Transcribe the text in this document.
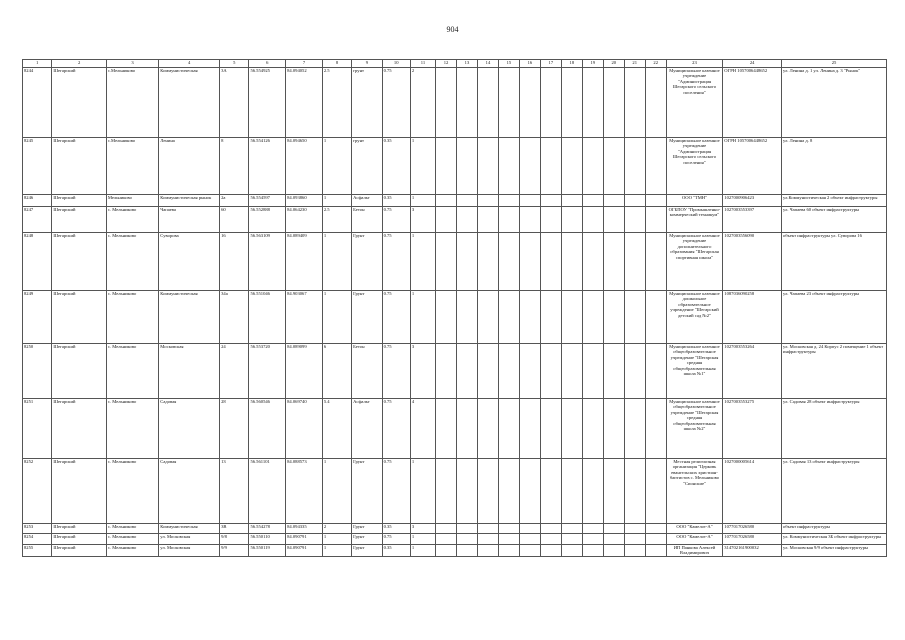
904
1	2	3	4	5	6	7	8	9	10	11	12	13	14	15	16	17	18	19	20	21	22	23	24	25
8244	Шегарский	с.Мельниково	Коммунистическая	3А	56.554925	84.094052	2.5	грунт	0.75	2												Муниципальное казенное учреждение "Администрация Шегарского сельского поселения"	ОГРН 1057006448652	ул. Ленина д. 1 ул. Ленина д. 3 "Рынок"
8245	Шегарский	с.Мельниково	Ленина	8	56.554126	84.094650	1	грунт	0.35	1												Муниципальное казенное учреждение "Администрация Шегарского сельского поселения"	ОГРН 1057006448652	ул. Ленина д. 8
8246	Шегарский	Мельниково	Коммунистическая рынок	2а	56.554597	84.093860	1	Асфальт	0.35	1												ООО "ТМН"	1027000906423	ул.Коммунистическая 2 объект инфраструктуры
8247	Шегарский	с. Мельниково	Чапаева	60	56.552888	84.064230	2.5	Бетон	0.75	3												ОГБПОУ "Промышленно-коммерческий техникум"	1027003553397	ул. Чапаева 60 объект инфраструктуры
8248	Шегарский	с. Мельниково	Суворова	16	56.563109	84.089409	1	Грунт	0.75	1												Муниципальное казенное учреждение дополнительного образования "Шегарская спортивная школа"	1027003556090	объект инфраструктуры ул. Суворова 16
8249	Шегарский	с. Мельниково	Коммунистическая	34а	56.551046	84.903067	1	Грунт	0.75	1												Муниципальное казенное дошкольное образовательное учреждение "Шегарский детский сад №2"	1087036090258	ул. Чапаева 23 объект инфраструктуры
8250	Шегарский	с. Мельниково	Московская	24	56.553720	84.089099	6	Бетон	0.75	3												Муниципальное казенное общеобразовательное учреждение "Шегарская средняя общеобразовательная школа №1"	1027003553264	ул. Московская д. 24 Корпус 2 помещение 1 объект инфраструктуры
8251	Шегарский	с. Мельниково	Садовая	28	56.560546	84.069740	5.4	Асфальт	0.75	4												Муниципальное казенное общеобразовательное учреждение "Шегарская средняя общеобразовательная школа №2"	1027003553275	ул. Садовая 28 объект инфраструктуры
8252	Шегарский	с. Мельниково	Садовая	13	56.561101	84.088573	1	Грунт	0.75	1												Местная религиозная организация "Церковь евангельских христиан-баптистов с. Мельниково "Сионские"	1027000005614	ул. Садовая 13 объект инфраструктуры
8253	Шегарский	с. Мельниково	Коммунистическая	3В	56.554278	84.094335	2	Грунт	0.35	3												ООО "Камелот-А"	1077017026580	объект инфраструктуры
8254	Шегарский	с. Мельниково	ул. Московская	9/8	56.550110	84.090791	1	Грунт	0.75	1												ООО "Камелот-А"	1077017026580	ул. Коммунистическая 3Б объект инфраструктуры
8255	Шегарский	с. Мельниково	ул. Московская	9/9	56.550119	84.090791	1	Грунт	0.35	1												ИП Панкова Алексей Владимирович	314702161900032	ул. Московская 9/9 объект инфраструктуры
